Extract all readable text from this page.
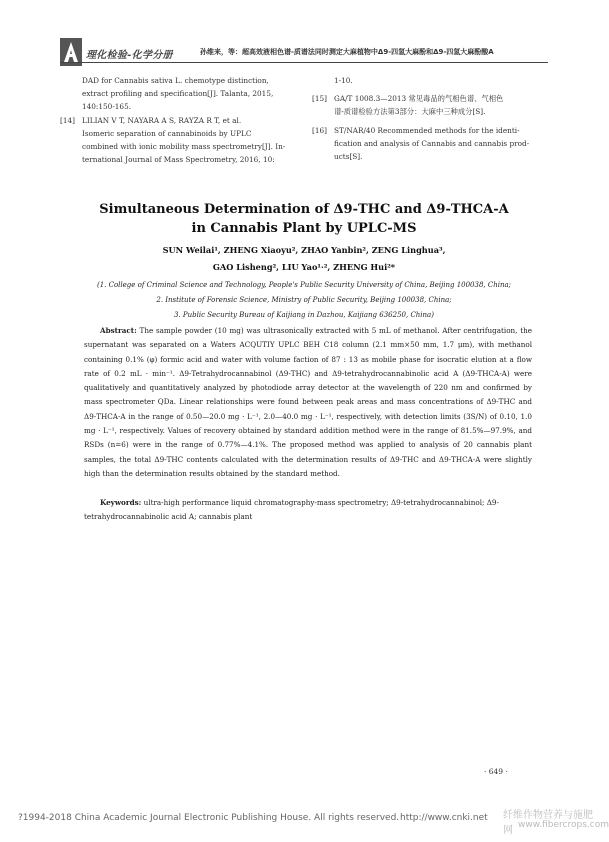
理化检验-化学分册	孙维来，等：超高效液相色谱-质谱法同时测定大麻植物中Δ9-四氢大麻酚和Δ9-四氢大麻酚酸A
DAD for Cannabis sativa L. chemotype distinction,
extract profiling and specification[J]. Talanta, 2015,
140:150-165.
[14] LILIAN V T, NAYARA A S, RAYZA R T, et al.
Isomeric separation of cannabinoids by UPLC
combined with ionic mobility mass spectrometry[J]. In-
ternational Journal of Mass Spectrometry, 2016, 10:
1-10.
[15] GA/T 1008.3—2013 常见毒品的气相色谱、气相色
谱-质谱检验方法第3部分：大麻中三种成分[S].
[16] ST/NAR/40 Recommended methods for the identi-
fication and analysis of Cannabis and cannabis prod-
ucts[S].
Simultaneous Determination of Δ9-THC and Δ9-THCA-A
in Cannabis Plant by UPLC-MS
SUN Weilai¹, ZHENG Xiaoyu², ZHAO Yanbin², ZENG Linghua³,
GAO Lisheng², LIU Yao¹·², ZHENG Hui²*
(1. College of Criminal Science and Technology, People's Public Security University of China, Beijing 100038, China;
2. Institute of Forensic Science, Ministry of Public Security, Beijing 100038, China;
3. Public Security Bureau of Kaijiang in Dazhou, Kaijiang 636250, China)
Abstract: The sample powder (10 mg) was ultrasonically extracted with 5 mL of methanol. After centrifugation, the supernatant was separated on a Waters ACQUTIY UPLC BEH C18 column (2.1 mm×50 mm, 1.7 μm), with methanol containing 0.1% (φ) formic acid and water with volume faction of 87 : 13 as mobile phase for isocratic elution at a flow rate of 0.2 mL · min⁻¹. Δ9-Tetrahydrocannabinol (Δ9-THC) and Δ9-tetrahydrocannabinolic acid A (Δ9-THCA-A) were qualitatively and quantitatively analyzed by photodiode array detector at the wavelength of 220 nm and confirmed by mass spectrometer QDa. Linear relationships were found between peak areas and mass concentrations of Δ9-THC and Δ9-THCA-A in the range of 0.50—20.0 mg · L⁻¹, 2.0—40.0 mg · L⁻¹, respectively, with detection limits (3S/N) of 0.10, 1.0 mg · L⁻¹, respectively. Values of recovery obtained by standard addition method were in the range of 81.5%—97.9%, and RSDs (n=6) were in the range of 0.77%—4.1%. The proposed method was applied to analysis of 20 cannabis plant samples, the total Δ9-THC contents calculated with the determination results of Δ9-THC and Δ9-THCA-A were slightly high than the determination results obtained by the standard method.
Keywords: ultra-high performance liquid chromatography-mass spectrometry; Δ9-tetrahydrocannabinol; Δ9-tetrahydrocannabinolic acid A; cannabis plant
· 649 ·
?1994-2018 China Academic Journal Electronic Publishing House. All rights reserved. http://www.cnki.net 纤维作物营养与施肥网 www.fibercrops.com
